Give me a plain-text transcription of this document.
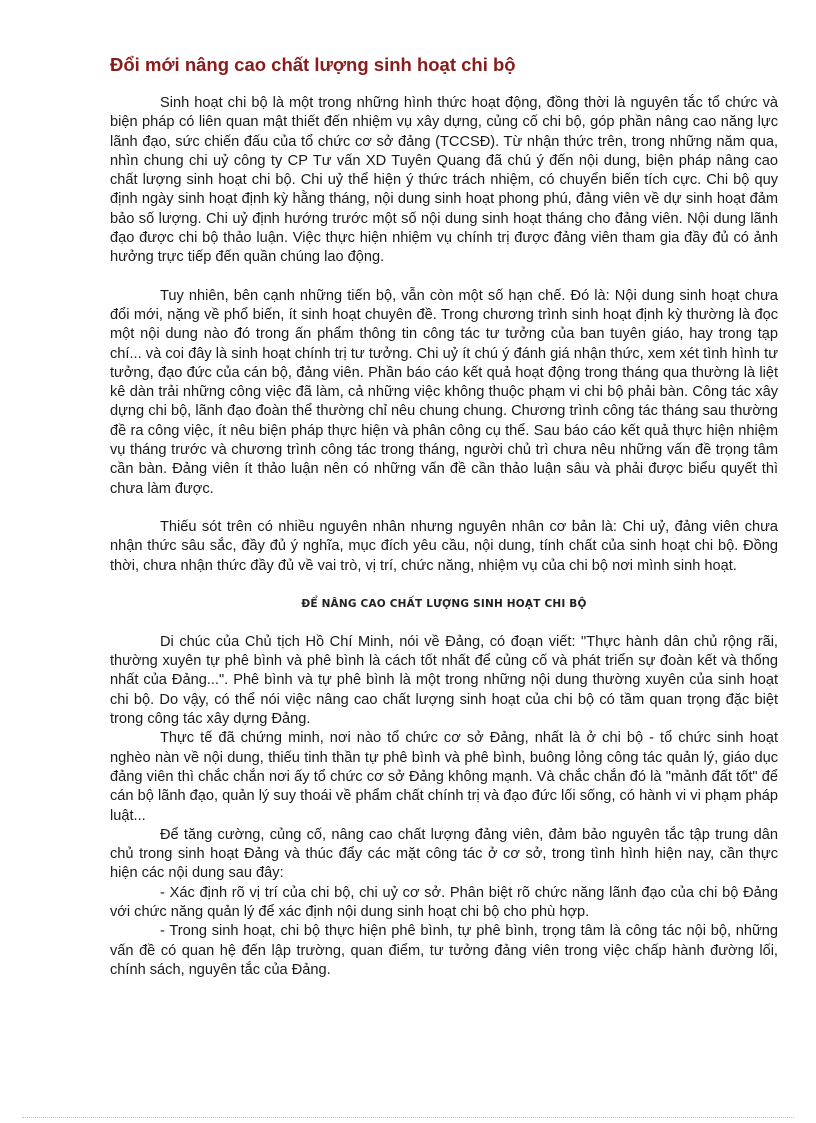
Đổi mới nâng cao chất lượng sinh hoạt chi bộ

Sinh hoạt chi bộ là một trong những hình thức hoạt động, đồng thời là nguyên tắc tổ chức và biện pháp có liên quan mật thiết đến nhiệm vụ xây dựng, củng cố chi bộ, góp phần nâng cao năng lực lãnh đạo, sức chiến đấu của tổ chức cơ sở đảng (TCCSĐ). Từ nhận thức trên, trong những năm qua, nhìn chung chi uỷ công ty CP Tư vấn XD Tuyên Quang đã chú ý đến nội dung, biện pháp nâng cao chất lượng sinh hoạt chi bộ. Chi uỷ thể hiện ý thức trách nhiệm, có chuyển biến tích cực. Chi bộ quy định ngày sinh hoạt định kỳ hằng tháng, nội dung sinh hoạt phong phú, đảng viên về dự sinh hoạt đảm bảo số lượng. Chi uỷ định hướng trước một số nội dung sinh hoạt tháng cho đảng viên. Nội dung lãnh đạo được chi bộ thảo luận. Việc thực hiện nhiệm vụ chính trị được đảng viên tham gia đầy đủ có ảnh hưởng trực tiếp đến quần chúng lao động.

Tuy nhiên, bên cạnh những tiến bộ, vẫn còn một số hạn chế. Đó là: Nội dung sinh hoạt chưa đổi mới, nặng về phổ biến, ít sinh hoạt chuyên đề. Trong chương trình sinh hoạt định kỳ thường là đọc một nội dung nào đó trong ấn phẩm thông tin công tác tư tưởng của ban tuyên giáo, hay trong tạp chí... và coi đây là sinh hoạt chính trị tư tưởng. Chi uỷ ít chú ý đánh giá nhận thức, xem xét tình hình tư tưởng, đạo đức của cán bộ, đảng viên. Phần báo cáo kết quả hoạt động trong tháng qua thường là liệt kê dàn trải những công việc đã làm, cả những việc không thuộc phạm vi chi bộ phải bàn. Công tác xây dựng chi bộ, lãnh đạo đoàn thể thường chỉ nêu chung chung. Chương trình công tác tháng sau thường đề ra công việc, ít nêu biện pháp thực hiện và phân công cụ thể. Sau báo cáo kết quả thực hiện nhiệm vụ tháng trước và chương trình công tác trong tháng, người chủ trì chưa nêu những vấn đề trọng tâm cần bàn. Đảng viên ít thảo luận nên có những vấn đề cần thảo luận sâu và phải được biểu quyết thì chưa làm được.

Thiếu sót trên có nhiều nguyên nhân nhưng nguyên nhân cơ bản là: Chi uỷ, đảng viên chưa nhận thức sâu sắc, đầy đủ ý nghĩa, mục đích yêu cầu, nội dung, tính chất của sinh hoạt chi bộ. Đồng thời, chưa nhận thức đầy đủ về vai trò, vị trí, chức năng, nhiệm vụ của chi bộ nơi mình sinh hoạt.

ĐỂ NÂNG CAO CHẤT LƯỢNG SINH HOẠT CHI BỘ

Di chúc của Chủ tịch Hồ Chí Minh, nói về Đảng, có đoạn viết: "Thực hành dân chủ rộng rãi, thường xuyên tự phê bình và phê bình là cách tốt nhất để củng cố và phát triển sự đoàn kết và thống nhất của Đảng...". Phê bình và tự phê bình là một trong những nội dung thường xuyên của sinh hoạt chi bộ. Do vậy, có thể nói việc nâng cao chất lượng sinh hoạt của chi bộ có tầm quan trọng đặc biệt trong công tác xây dựng Đảng.

Thực tế đã chứng minh, nơi nào tổ chức cơ sở Đảng, nhất là ở chi bộ - tổ chức sinh hoạt nghèo nàn về nội dung, thiếu tinh thần tự phê bình và phê bình, buông lỏng công tác quản lý, giáo dục đảng viên thì chắc chắn nơi ấy tổ chức cơ sở Đảng không mạnh. Và chắc chắn đó là "mảnh đất tốt" để cán bộ lãnh đạo, quản lý suy thoái về phẩm chất chính trị và đạo đức lối sống, có hành vi vi phạm pháp luật...

Để tăng cường, củng cố, nâng cao chất lượng đảng viên, đảm bảo nguyên tắc tập trung dân chủ trong sinh hoạt Đảng và thúc đẩy các mặt công tác ở cơ sở, trong tình hình hiện nay, cần thực hiện các nội dung sau đây:

- Xác định rõ vị trí của chi bộ, chi uỷ cơ sở. Phân biệt rõ chức năng lãnh đạo của chi bộ Đảng với chức năng quản lý để xác định nội dung sinh hoạt chi bộ cho phù hợp.

- Trong sinh hoạt, chi bộ thực hiện phê bình, tự phê bình, trọng tâm là công tác nội bộ, những vấn đề có quan hệ đến lập trường, quan điểm, tư tưởng đảng viên trong việc chấp hành đường lối, chính sách, nguyên tắc của Đảng.
